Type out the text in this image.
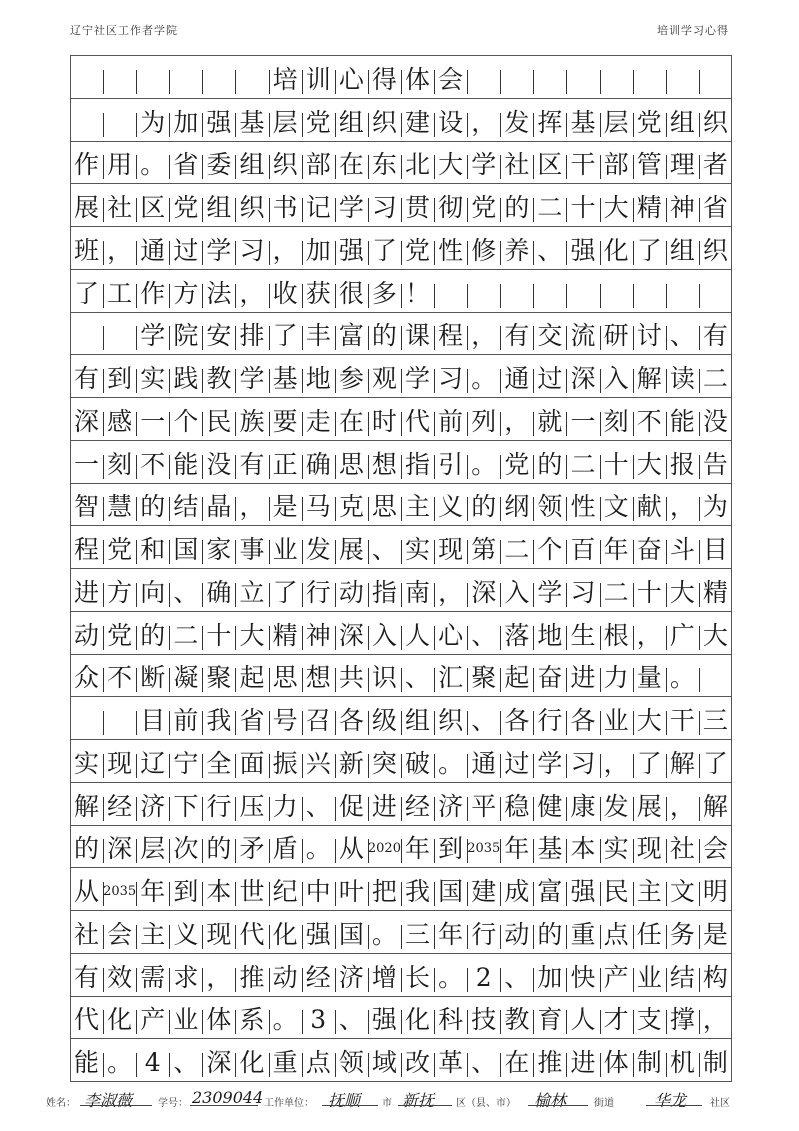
辽宁社区工作者学院	培训学习心得
培 训 心 得 体 会
为 加 强 基 层 党 组 织 建 设 ， 发 挥 基 层 党 组 织
作 用 。 省 委 组 织 部 在 东 北 大 学 社 区 干 部 管 理 者
展 社 区 党 组 织 书 记 学 习 贯 彻 党 的 二 十 大 精 神 省
班 ， 通 过 学 习 ， 加 强 了 党 性 修 养 、 强 化 了 组 织
了 工 作 方 法 ， 收 获 很 多 ！
学 院 安 排 了 丰 富 的 课 程 ， 有 交 流 研 讨 、 有
有 到 实 践 教 学 基 地 参 观 学 习 。 通 过 深 入 解 读 二
深 感 一 个 民 族 要 走 在 时 代 前 列 ， 就 一 刻 不 能 没
一 刻 不 能 没 有 正 确 思 想 指 引 。 党 的 二 十 大 报 告
智 慧 的 结 晶 ， 是 马 克 思 主 义 的 纲 领 性 文 献 ， 为
程 党 和 国 家 事 业 发 展 、 实 现 第 二 个 百 年 奋 斗 目
进 方 向 、 确 立 了 行 动 指 南 ， 深 入 学 习 二 十 大 精
动 党 的 二 十 大 精 神 深 入 人 心 、 落 地 生 根 ， 广 大
众 不 断 凝 聚 起 思 想 共 识 、 汇 聚 起 奋 进 力 量 。
目 前 我 省 号 召 各 级 组 织 、 各 行 各 业 大 干 三
实 现 辽 宁 全 面 振 兴 新 突 破 。 通 过 学 习 ， 了 解 了
解 经 济 下 行 压 力 、 促 进 经 济 平 稳 健 康 发 展 ， 解
的 深 层 次 的 矛 盾 。 从 2020 年 到 2035 年 基 本 实 现 社 会
从 2035 年 到 本 世 纪 中 叶 把 我 国 建 成 富 强 民 主 文 明
社 会 主 义 现 代 化 强 国 。 三 年 行 动 的 重 点 任 务 是
有 效 需 求 ， 推 动 经 济 增 长 。 2 、 加 快 产 业 结 构
代 化 产 业 体 系 。 3 、 强 化 科 技 教 育 人 才 支 撑 ，
能 。 4 、 深 化 重 点 领 域 改 革 、 在 推 进 体 制 机 制
姓名： 李淑薇	学号： 2309044 工作单位： 抚顺 市 新抚 区（县、市） 榆林	街道	华龙 社区
